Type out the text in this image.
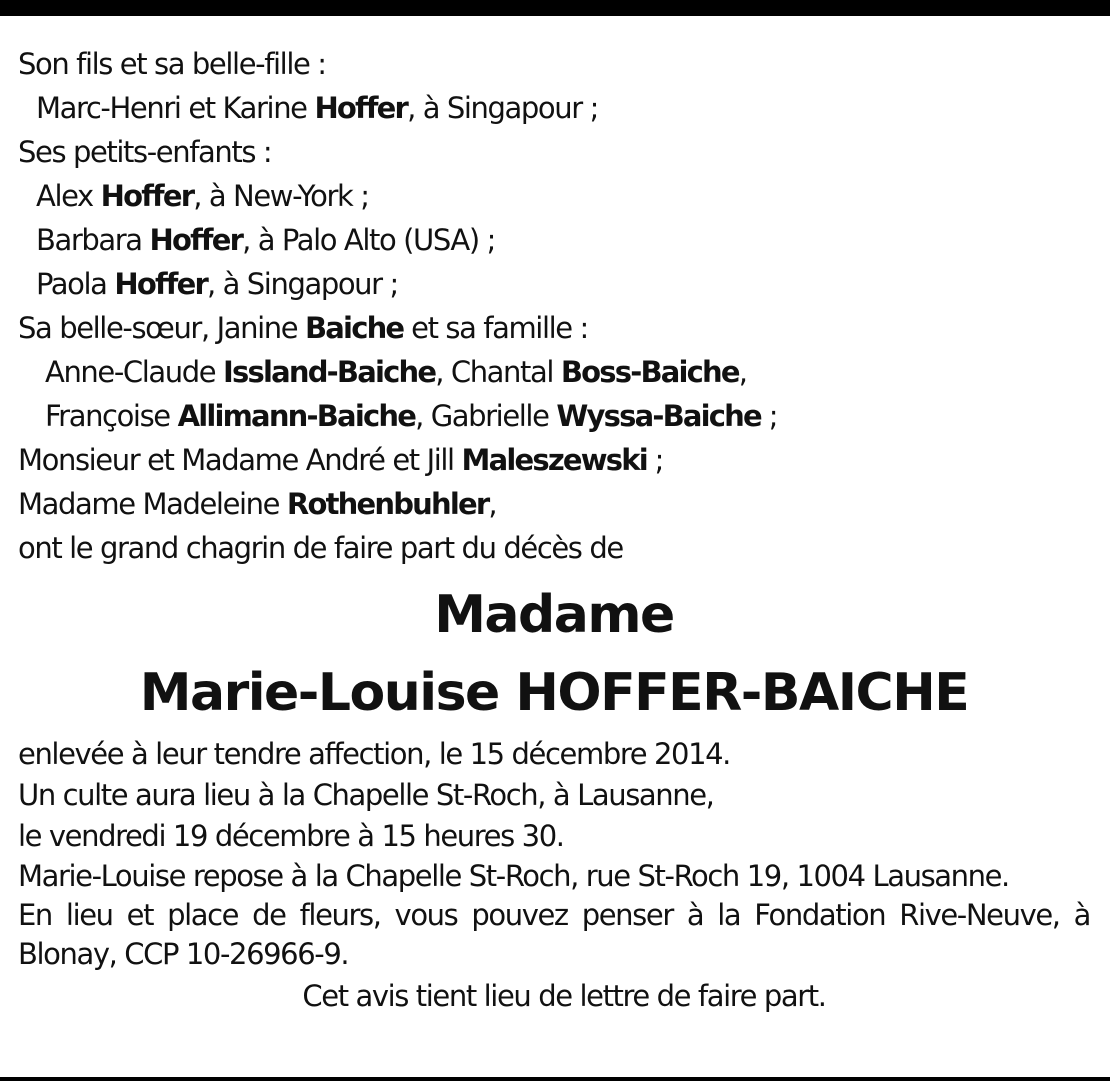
Son fils et sa belle-fille :
Marc-Henri et Karine Hoffer, à Singapour ;
Ses petits-enfants :
Alex Hoffer, à New-York ;
Barbara Hoffer, à Palo Alto (USA) ;
Paola Hoffer, à Singapour ;
Sa belle-sœur, Janine Baiche et sa famille :
Anne-Claude Issland-Baiche, Chantal Boss-Baiche,
Françoise Allimann-Baiche, Gabrielle Wyssa-Baiche ;
Monsieur et Madame André et Jill Maleszewski ;
Madame Madeleine Rothenbuhler,
ont le grand chagrin de faire part du décès de
Madame
Marie-Louise HOFFER-BAICHE
enlevée à leur tendre affection, le 15 décembre 2014.
Un culte aura lieu à la Chapelle St-Roch, à Lausanne,
le vendredi 19 décembre à 15 heures 30.
Marie-Louise repose à la Chapelle St-Roch, rue St-Roch 19, 1004 Lausanne.
En lieu et place de fleurs, vous pouvez penser à la Fondation Rive-Neuve, à Blonay, CCP 10-26966-9.
Cet avis tient lieu de lettre de faire part.
